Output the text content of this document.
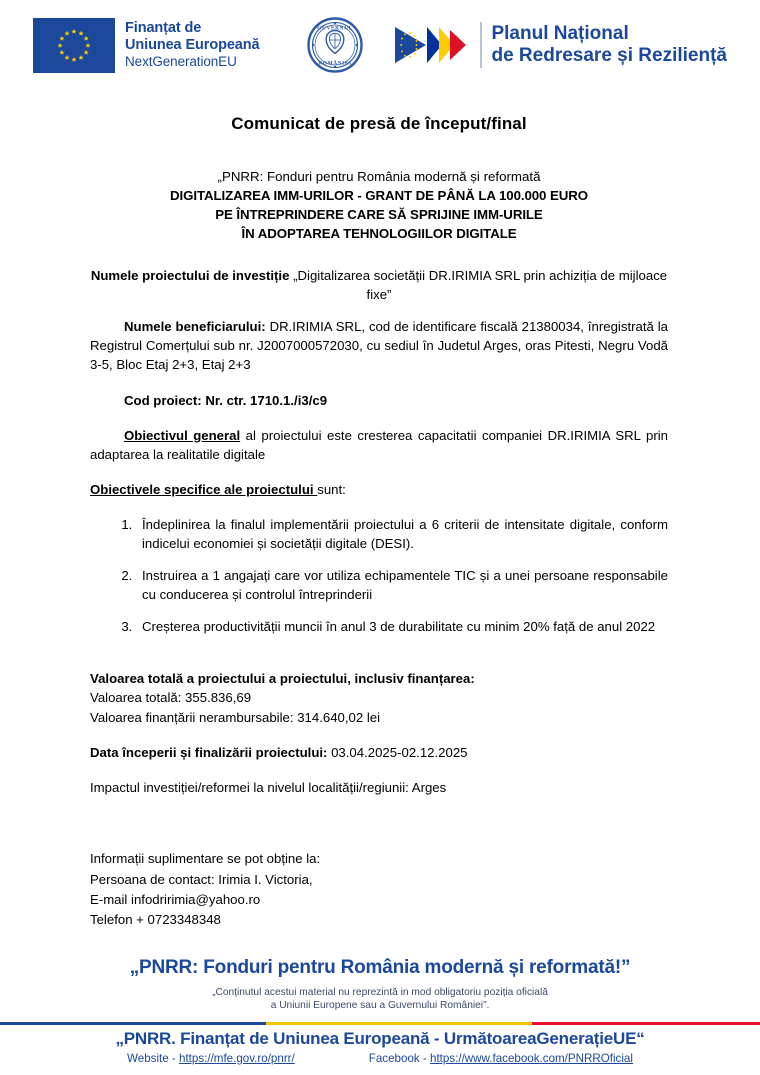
Finanțat de
Uniunea Europeană
NextGenerationEU
GUVERNUL
ROMÂNIEI
Planul Național
de Redresare și Reziliență
Comunicat de presă de început/final
„PNRR: Fonduri pentru România modernă și reformată
DIGITALIZAREA IMM-URILOR - GRANT DE PÂNĂ LA 100.000 EURO
PE ÎNTREPRINDERE CARE SĂ SPRIJINE IMM-URILE
ÎN ADOPTAREA TEHNOLOGIILOR DIGITALE

Numele proiectului de investiție „Digitalizarea societății DR.IRIMIA SRL prin achiziția de mijloace fixe”

Numele beneficiarului: DR.IRIMIA SRL, cod de identificare fiscală 21380034, înregistrată la Registrul Comerțului sub nr. J2007000572030, cu sediul în Judetul Arges, oras Pitesti, Negru Vodă 3-5, Bloc Etaj 2+3, Etaj 2+3

Cod proiect: Nr. ctr. 1710.1./i3/c9

Obiectivul general al proiectului este cresterea capacitatii companiei DR.IRIMIA SRL prin adaptarea la realitatile digitale

Obiectivele specifice ale proiectului sunt:

1. Îndeplinirea la finalul implementării proiectului a 6 criterii de intensitate digitale, conform indicelui economiei și societății digitale (DESI).
2. Instruirea a 1 angajați care vor utiliza echipamentele TIC și a unei persoane responsabile cu conducerea și controlul întreprinderii
3. Creșterea productivității muncii în anul 3 de durabilitate cu minim 20% față de anul 2022

Valoarea totală a proiectului a proiectului, inclusiv finanțarea:

Valoarea totală: 355.836,69

Valoarea finanțării nerambursabile: 314.640,02 lei

Data începerii și finalizării proiectului: 03.04.2025-02.12.2025

Impactul investiției/reformei la nivelul localității/regiunii: Arges

Informații suplimentare se pot obține la:

Persoana de contact: Irimia I. Victoria,

E-mail infodririmia@yahoo.ro

Telefon + 0723348348

„PNRR: Fonduri pentru România modernă și reformată!”

„Conținutul acestui material nu reprezintă in mod obligatoriu poziția oficială
a Uniunii Europene sau a Guvernului României”.

„PNRR. Finanțat de Uniunea Europeană - UrmătoareaGenerațieUE“

Website - https://mfe.gov.ro/pnrr/	Facebook - https://www.facebook.com/PNRROficial
